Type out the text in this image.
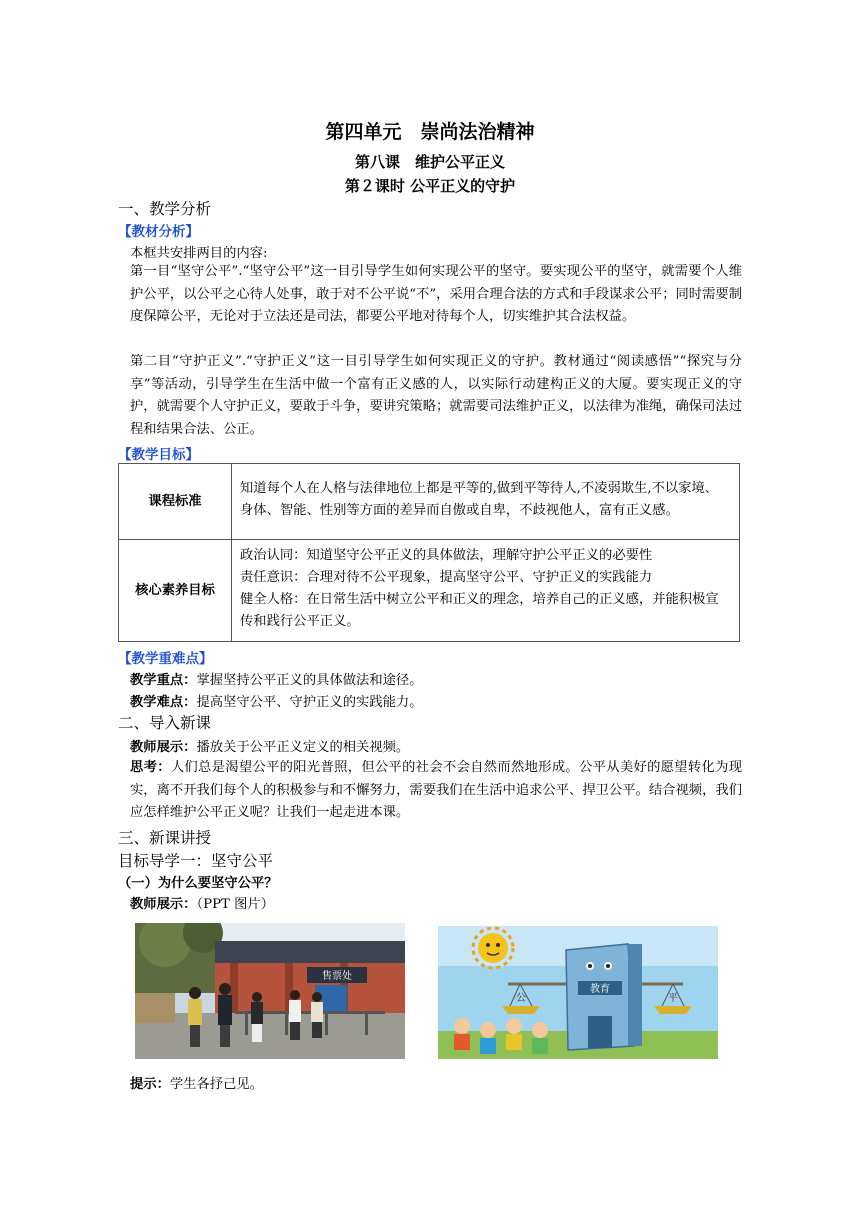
第四单元　崇尚法治精神
第八课　维护公平正义
第２课时 公平正义的守护
一、教学分析
【教材分析】
本框共安排两目的内容:
第一目“坚守公平”.“坚守公平”这一目引导学生如何实现公平的坚守。要实现公平的坚守，就需要个人维护公平，以公平之心待人处事，敢于对不公平说“不”，采用合理合法的方式和手段谋求公平；同时需要制度保障公平，无论对于立法还是司法，都要公平地对待每个人，切实维护其合法权益。
第二目“守护正义”.“守护正义”这一目引导学生如何实现正义的守护。教材通过“阅读感悟”“探究与分享”等活动，引导学生在生活中做一个富有正义感的人，以实际行动建构正义的大厦。要实现正义的守护，就需要个人守护正义，要敢于斗争，要讲究策略；就需要司法维护正义，以法律为准绳，确保司法过程和结果合法、公正。
【教学目标】
课程标准	知道每个人在人格与法律地位上都是平等的,做到平等待人,不凌弱欺生,不以家境、身体、智能、性别等方面的差异而自傲或自卑，不歧视他人，富有正义感。
核心素养目标	政治认同：知道坚守公平正义的具体做法，理解守护公平正义的必要性
责任意识：合理对待不公平现象，提高坚守公平、守护正义的实践能力
健全人格：在日常生活中树立公平和正义的理念，培养自己的正义感，并能积极宣传和践行公平正义。
【教学重难点】
教学重点：掌握坚持公平正义的具体做法和途径。
教学难点：提高坚守公平、守护正义的实践能力。
二、导入新课
教师展示：播放关于公平正义定义的相关视频。
思考：人们总是渴望公平的阳光普照，但公平的社会不会自然而然地形成。公平从美好的愿望转化为现实，离不开我们每个人的积极参与和不懈努力，需要我们在生活中追求公平、捍卫公平。结合视频，我们应怎样维护公平正义呢？让我们一起走进本课。
三、新课讲授
目标导学一：坚守公平
（一）为什么要坚守公平？
教师展示：（PPT 图片）
售票处
公	平
教育
提示：学生各抒己见。
